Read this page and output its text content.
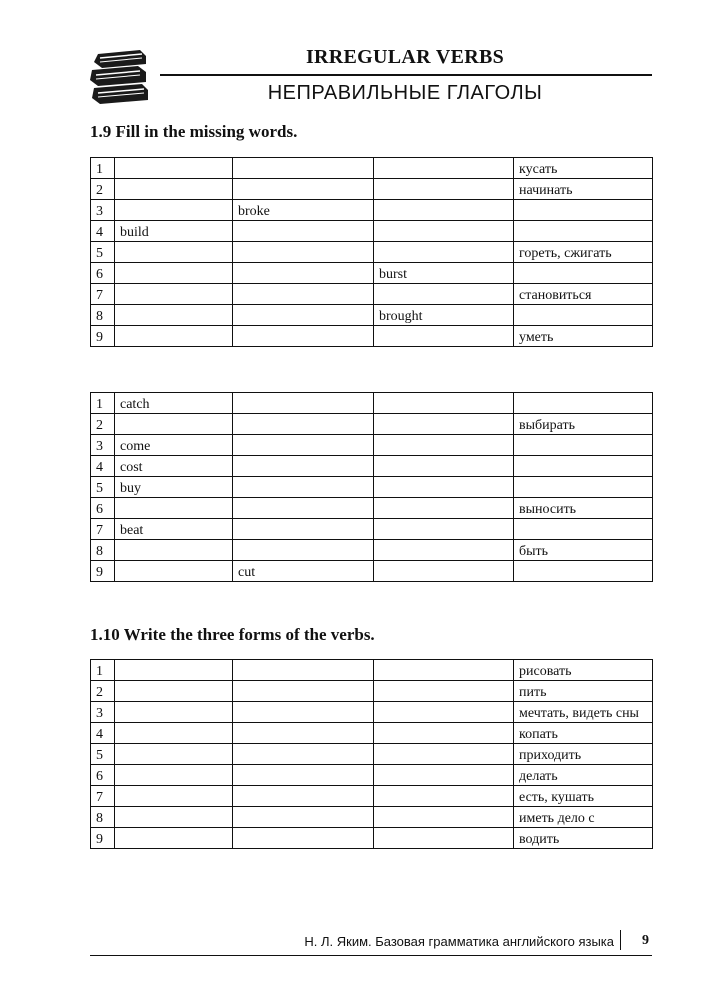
IRREGULAR VERBS
НЕПРАВИЛЬНЫЕ ГЛАГОЛЫ
1.9 Fill in the missing words.
1				кусать
2				начинать
3		broke		
4	build			
5				гореть, сжигать
6			burst	
7				становиться
8			brought	
9				уметь
1	catch			
2				выбирать
3	come			
4	cost			
5	buy			
6				выносить
7	beat			
8				быть
9		cut		
1.10 Write the three forms of the verbs.
1				рисовать
2				пить
3				мечтать, видеть сны
4				копать
5				приходить
6				делать
7				есть, кушать
8				иметь дело с
9				водить
Н. Л. Яким. Базовая грамматика английского языка 9
